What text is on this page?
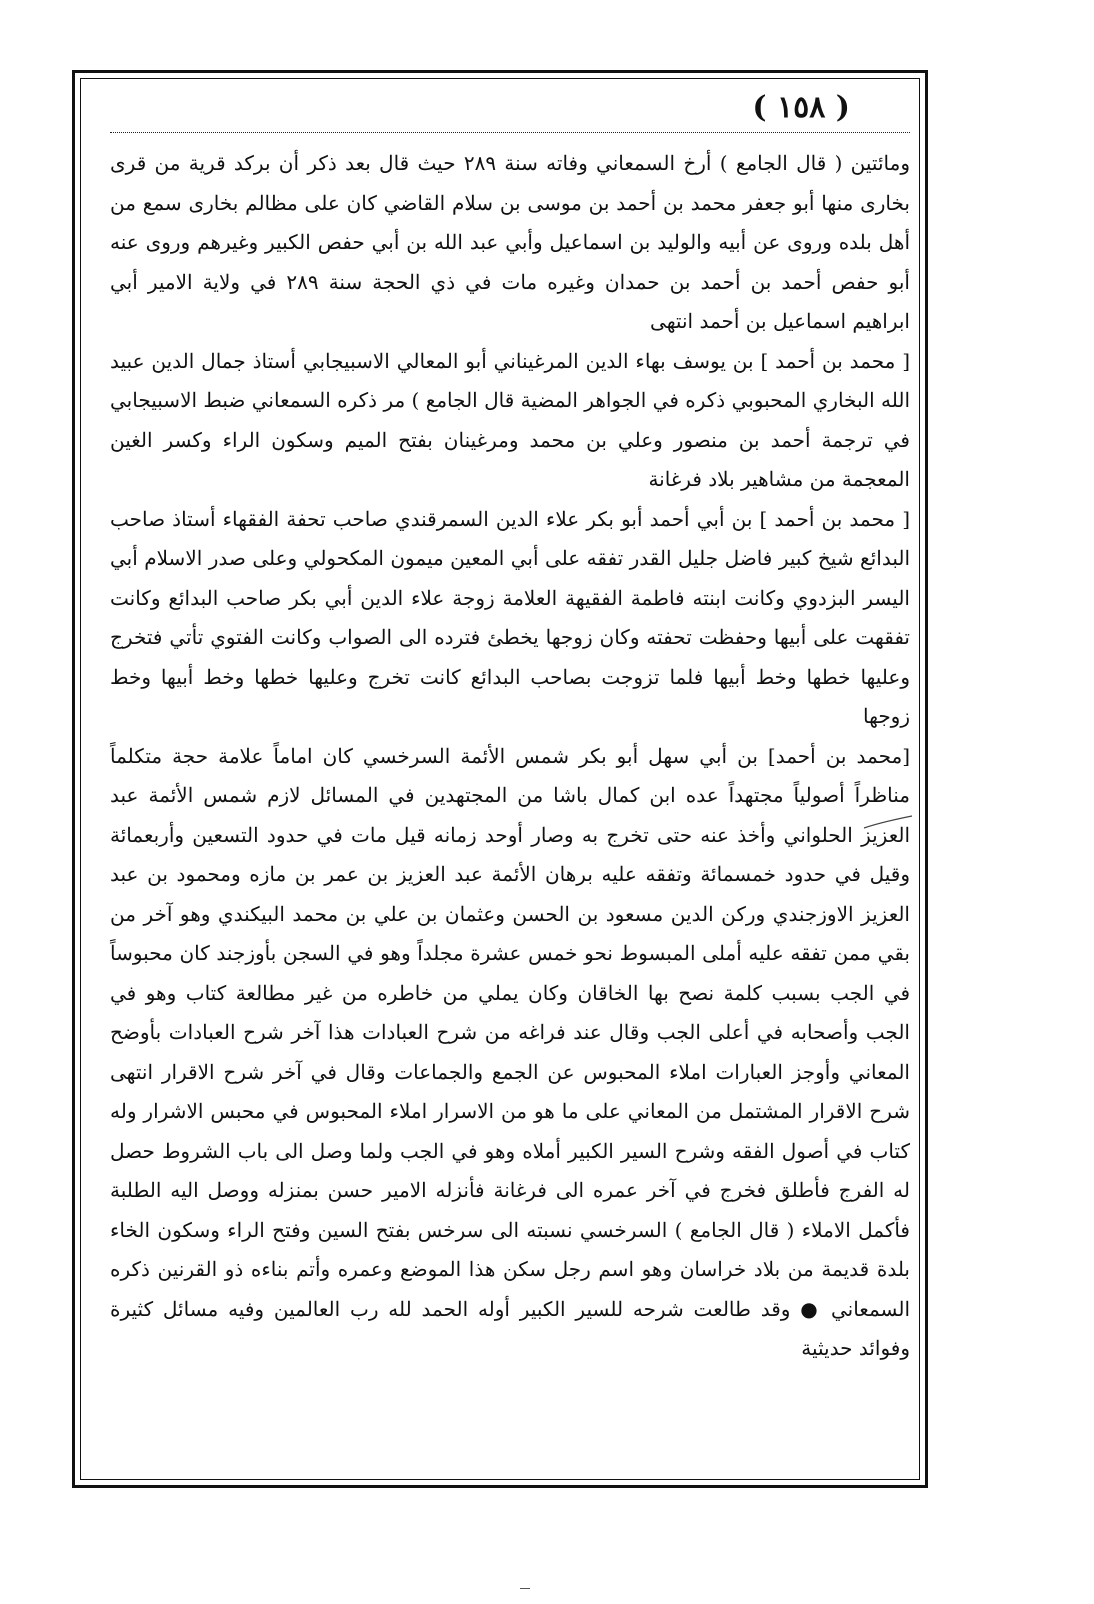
( ١٥٨ )

ومائتين ( قال الجامع ) أرخ السمعاني وفاته سنة ٢٨٩ حيث قال بعد ذكر أن بركد قرية من قرى بخارى منها أبو جعفر محمد بن أحمد بن موسى بن سلام القاضي كان على مظالم بخارى سمع من أهل بلده وروى عن أبيه والوليد بن اسماعيل وأبي عبد الله بن أبي حفص الكبير وغيرهم وروى عنه أبو حفص أحمد بن أحمد بن حمدان وغيره مات في ذي الحجة سنة ٢٨٩ في ولاية الامير أبي ابراهيم اسماعيل بن أحمد انتهى

[ محمد بن أحمد ] بن يوسف بهاء الدين المرغيناني أبو المعالي الاسبيجابي أستاذ جمال الدين عبيد الله البخاري المحبوبي ذكره في الجواهر المضية قال الجامع ) مر ذكره السمعاني ضبط الاسبيجابي في ترجمة أحمد بن منصور وعلي بن محمد ومرغينان بفتح الميم وسكون الراء وكسر الغين المعجمة من مشاهير بلاد فرغانة

[ محمد بن أحمد ] بن أبي أحمد أبو بكر علاء الدين السمرقندي صاحب تحفة الفقهاء أستاذ صاحب البدائع شيخ كبير فاضل جليل القدر تفقه على أبي المعين ميمون المكحولي وعلى صدر الاسلام أبي اليسر البزدوي وكانت ابنته فاطمة الفقيهة العلامة زوجة علاء الدين أبي بكر صاحب البدائع وكانت تفقهت على أبيها وحفظت تحفته وكان زوجها يخطئ فترده الى الصواب وكانت الفتوي تأتي فتخرج وعليها خطها وخط أبيها فلما تزوجت بصاحب البدائع كانت تخرج وعليها خطها وخط أبيها وخط زوجها

[محمد بن أحمد] بن أبي سهل أبو بكر شمس الأئمة السرخسي كان اماماً علامة حجة متكلماً مناظراً أصولياً مجتهداً عده ابن كمال باشا من المجتهدين في المسائل لازم شمس الأئمة عبد العزيز الحلواني وأخذ عنه حتى تخرج به وصار أوحد زمانه قيل مات في حدود التسعين وأربعمائة وقيل في حدود خمسمائة وتفقه عليه برهان الأئمة عبد العزيز بن عمر بن مازه ومحمود بن عبد العزيز الاوزجندي وركن الدين مسعود بن الحسن وعثمان بن علي بن محمد البيكندي وهو آخر من بقي ممن تفقه عليه أملى المبسوط نحو خمس عشرة مجلداً وهو في السجن بأوزجند كان محبوساً في الجب بسبب كلمة نصح بها الخاقان وكان يملي من خاطره من غير مطالعة كتاب وهو في الجب وأصحابه في أعلى الجب وقال عند فراغه من شرح العبادات هذا آخر شرح العبادات بأوضح المعاني وأوجز العبارات املاء المحبوس عن الجمع والجماعات وقال في آخر شرح الاقرار انتهى شرح الاقرار المشتمل من المعاني على ما هو من الاسرار املاء المحبوس في محبس الاشرار وله كتاب في أصول الفقه وشرح السير الكبير أملاه وهو في الجب ولما وصل الى باب الشروط حصل له الفرج فأطلق فخرج في آخر عمره الى فرغانة فأنزله الامير حسن بمنزله ووصل اليه الطلبة فأكمل الاملاء ( قال الجامع ) السرخسي نسبته الى سرخس بفتح السين وفتح الراء وسكون الخاء بلدة قديمة من بلاد خراسان وهو اسم رجل سكن هذا الموضع وعمره وأتم بناءه ذو القرنين ذكره السمعاني ● وقد طالعت شرحه للسير الكبير أوله الحمد لله رب العالمين وفيه مسائل كثيرة وفوائد حديثية
